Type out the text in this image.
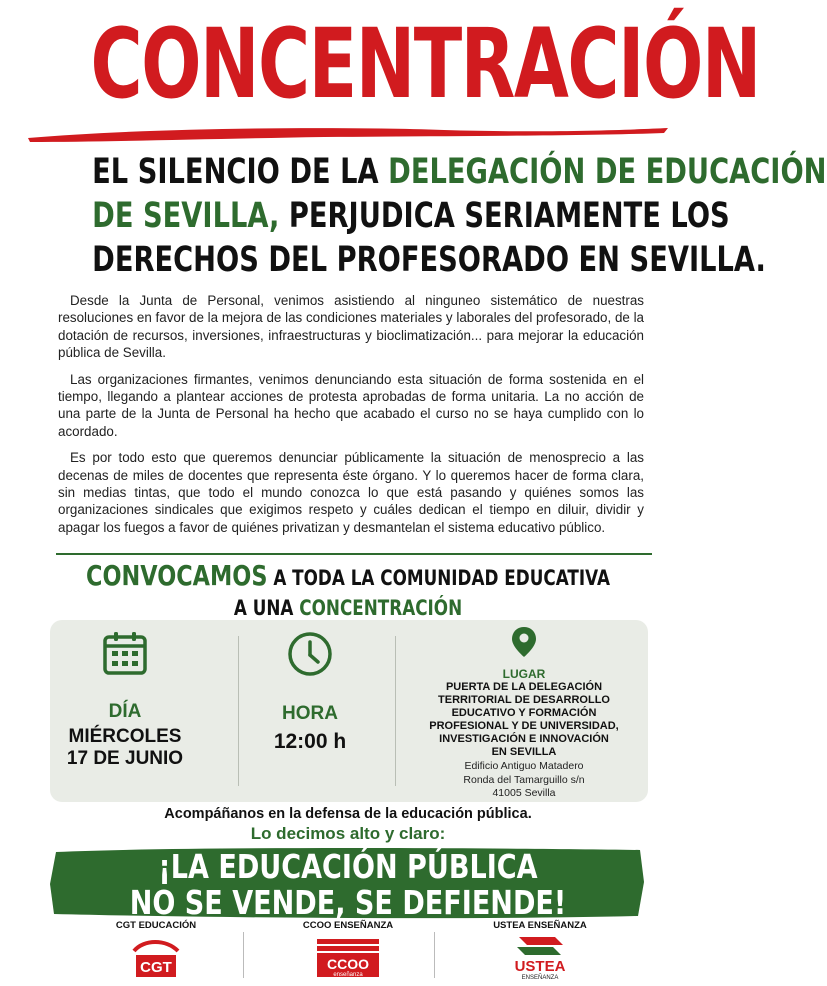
CONCENTRACIÓN
EL SILENCIO DE LA DELEGACIÓN DE EDUCACIÓN
DE SEVILLA, PERJUDICA SERIAMENTE LOS
DERECHOS DEL PROFESORADO EN SEVILLA.

Desde la Junta de Personal, venimos asistiendo al ninguneo sistemático de nuestras resoluciones en favor de la mejora de las condiciones materiales y laborales del profesorado, de la dotación de recursos, inversiones, infraestructuras y bioclimatización... para mejorar la educación pública de Sevilla.

Las organizaciones firmantes, venimos denunciando esta situación de forma sostenida en el tiempo, llegando a plantear acciones de protesta aprobadas de forma unitaria. La no acción de una parte de la Junta de Personal ha hecho que acabado el curso no se haya cumplido con lo acordado.

Es por todo esto que queremos denunciar públicamente la situación de menosprecio a las decenas de miles de docentes que representa éste órgano. Y lo queremos hacer de forma clara, sin medias tintas, que todo el mundo conozca lo que está pasando y quiénes somos las organizaciones sindicales que exigimos respeto y cuáles dedican el tiempo en diluir, dividir y apagar los fuegos a favor de quiénes privatizan y desmantelan el sistema educativo público.

CONVOCAMOS A TODA LA COMUNIDAD EDUCATIVA
A UNA CONCENTRACIÓN
DÍA
MIÉRCOLES
17 DE JUNIO
HORA
12:00 h
LUGAR
PUERTA DE LA DELEGACIÓN
TERRITORIAL DE DESARROLLO
EDUCATIVO Y FORMACIÓN
PROFESIONAL Y DE UNIVERSIDAD,
INVESTIGACIÓN E INNOVACIÓN
EN SEVILLA
Edificio Antiguo Matadero
Ronda del Tamarguillo s/n
41005 Sevilla
Acompáñanos en la defensa de la educación pública.
Lo decimos alto y claro:
¡LA EDUCACIÓN PÚBLICA
NO SE VENDE, SE DEFIENDE!
CGT EDUCACIÓN
CGT
CCOO ENSEÑANZA
CCOO
enseñanza
USTEA ENSEÑANZA
USTEA
ENSEÑANZA
